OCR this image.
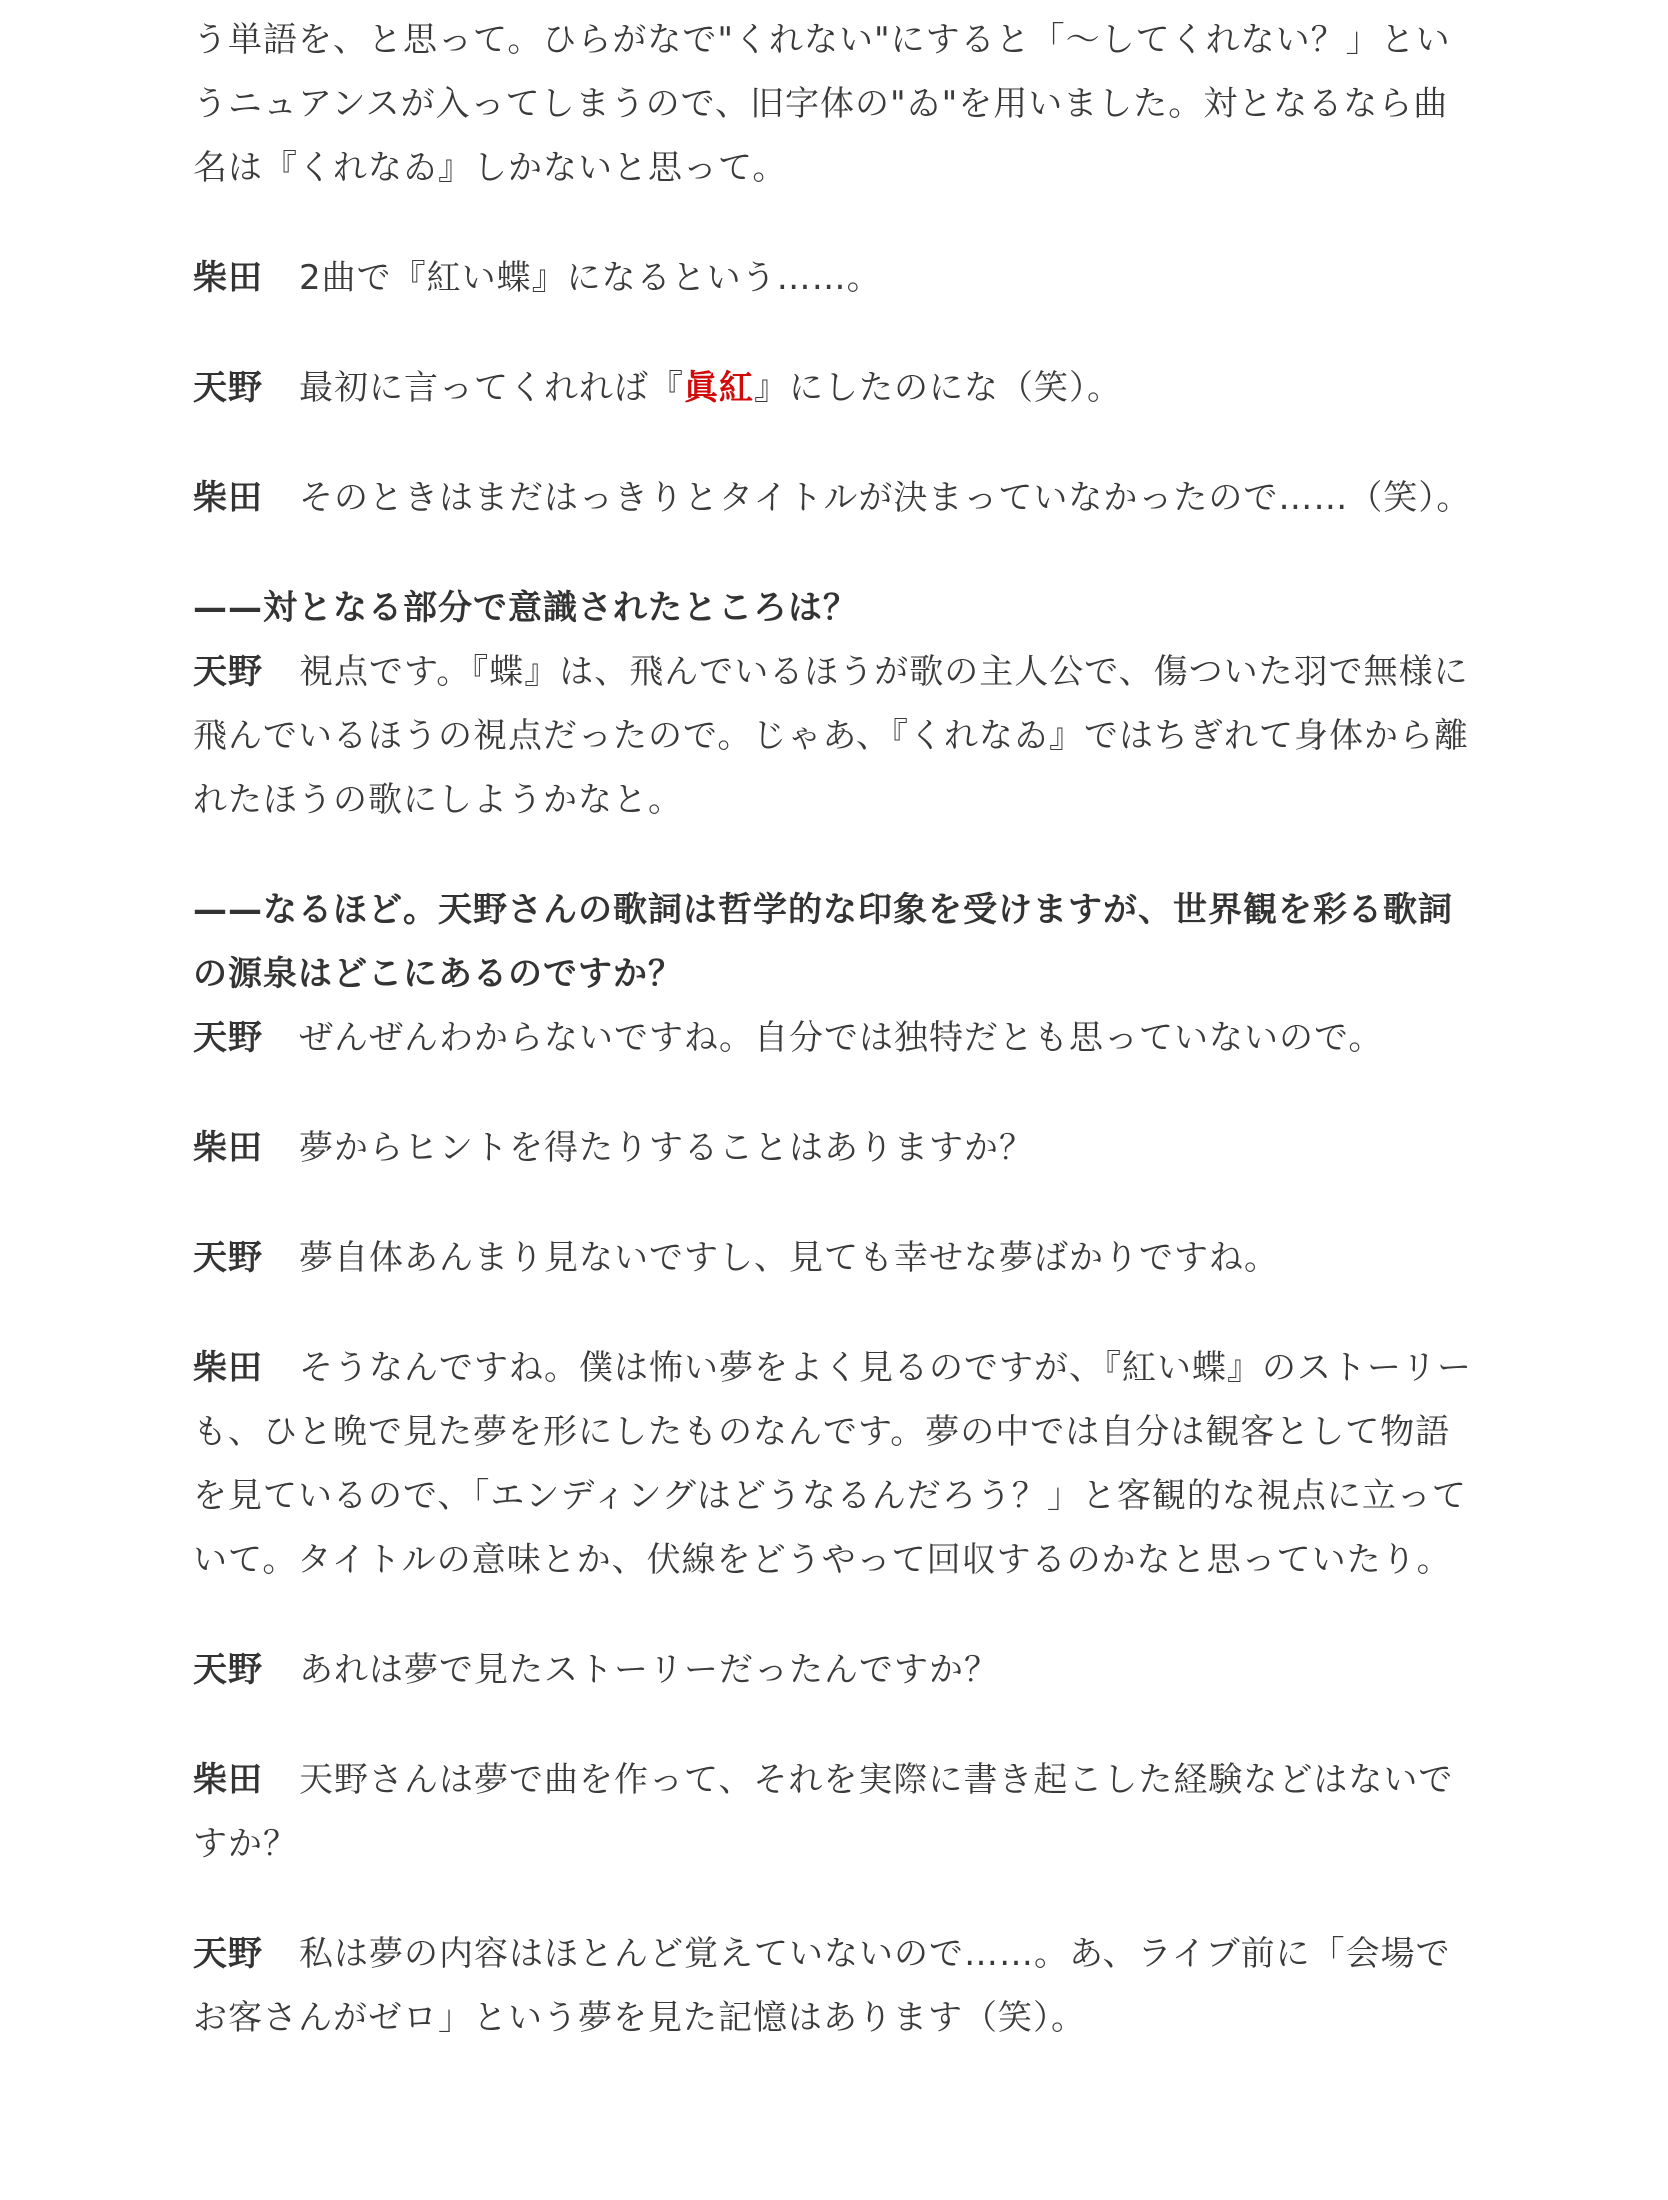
う単語を、と思って。ひらがなで"くれない"にすると「〜してくれない？」というニュアンスが入ってしまうので、旧字体の"ゐ"を用いました。対となるなら曲名は『くれなゐ』しかないと思って。

柴田 2曲で『紅い蝶』になるという……。

天野 最初に言ってくれれば『眞紅』にしたのにな（笑）。

柴田 そのときはまだはっきりとタイトルが決まっていなかったので……（笑）。

——対となる部分で意識されたところは？

天野 視点です。『蝶』は、飛んでいるほうが歌の主人公で、傷ついた羽で無様に飛んでいるほうの視点だったので。じゃあ、『くれなゐ』ではちぎれて身体から離れたほうの歌にしようかなと。

——なるほど。天野さんの歌詞は哲学的な印象を受けますが、世界観を彩る歌詞の源泉はどこにあるのですか？

天野 ぜんぜんわからないですね。自分では独特だとも思っていないので。

柴田 夢からヒントを得たりすることはありますか？

天野 夢自体あんまり見ないですし、見ても幸せな夢ばかりですね。

柴田 そうなんですね。僕は怖い夢をよく見るのですが、『紅い蝶』のストーリーも、ひと晩で見た夢を形にしたものなんです。夢の中では自分は観客として物語を見ているので、「エンディングはどうなるんだろう？」と客観的な視点に立っていて。タイトルの意味とか、伏線をどうやって回収するのかなと思っていたり。

天野 あれは夢で見たストーリーだったんですか？

柴田 天野さんは夢で曲を作って、それを実際に書き起こした経験などはないですか？

天野 私は夢の内容はほとんど覚えていないので……。あ、ライブ前に「会場でお客さんがゼロ」という夢を見た記憶はあります（笑）。
